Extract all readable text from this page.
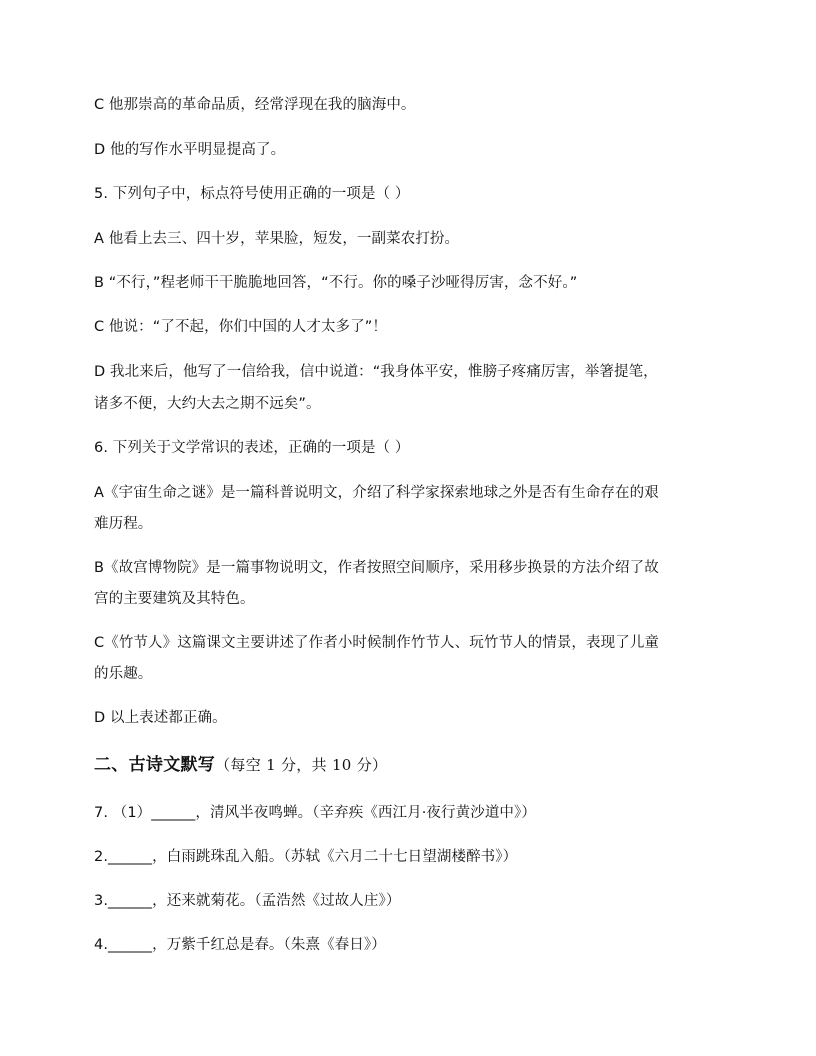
C 他那崇高的革命品质，经常浮现在我的脑海中。
D 他的写作水平明显提高了。
5. 下列句子中，标点符号使用正确的一项是（ ）
A 他看上去三、四十岁，苹果脸，短发，一副菜农打扮。
B “不行，”程老师干干脆脆地回答，“不行。你的嗓子沙哑得厉害，念不好。”
C 他说：“了不起，你们中国的人才太多了”！
D 我北来后，他写了一信给我，信中说道：“我身体平安，惟膀子疼痛厉害，举箸提笔，
诸多不便，大约大去之期不远矣”。
6. 下列关于文学常识的表述，正确的一项是（ ）
A《宇宙生命之谜》是一篇科普说明文，介绍了科学家探索地球之外是否有生命存在的艰
难历程。
B《故宫博物院》是一篇事物说明文，作者按照空间顺序，采用移步换景的方法介绍了故
宫的主要建筑及其特色。
C《竹节人》这篇课文主要讲述了作者小时候制作竹节人、玩竹节人的情景，表现了儿童
的乐趣。
D 以上表述都正确。
二、古诗文默写（每空 1 分，共 10 分）
7. （1）______，清风半夜鸣蝉。（辛弃疾《西江月·夜行黄沙道中》）
2.______，白雨跳珠乱入船。（苏轼《六月二十七日望湖楼醉书》）
3.______，还来就菊花。（孟浩然《过故人庄》）
4.______，万紫千红总是春。（朱熹《春日》）
